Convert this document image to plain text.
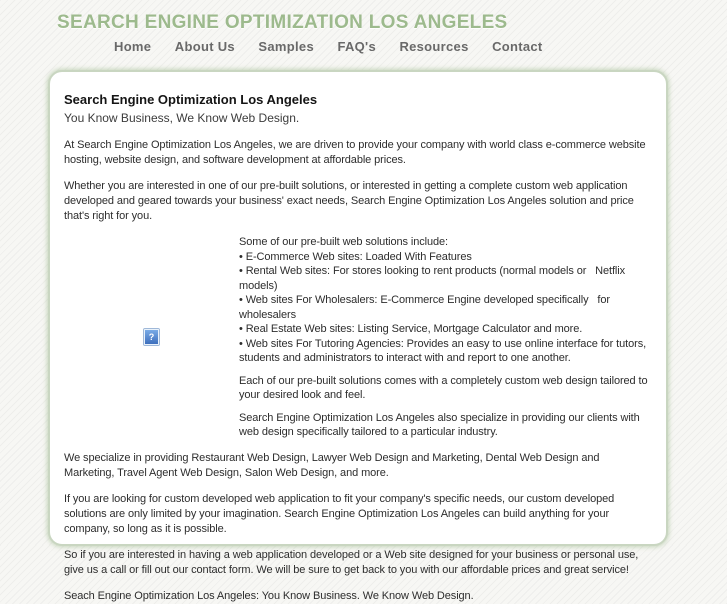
SEARCH ENGINE OPTIMIZATION LOS ANGELES
Home About Us Samples FAQ's Resources Contact
Search Engine Optimization Los Angeles
You Know Business, We Know Web Design.

At Search Engine Optimization Los Angeles, we are driven to provide your company with world class e-commerce website hosting, website design, and software development at affordable prices.

Whether you are interested in one of our pre-built solutions, or interested in getting a complete custom web application developed and geared towards your business' exact needs, Search Engine Optimization Los Angeles solution and price that's right for you.

?
Some of our pre-built web solutions include:
• E-Commerce Web sites: Loaded With Features
• Rental Web sites: For stores looking to rent products (normal models or   Netflix models)
• Web sites For Wholesalers: E-Commerce Engine developed specifically   for wholesalers
• Real Estate Web sites: Listing Service, Mortgage Calculator and more.
• Web sites For Tutoring Agencies: Provides an easy to use online interface for tutors, students and administrators to interact with and report to one another.

Each of our pre-built solutions comes with a completely custom web design tailored to your desired look and feel.

Search Engine Optimization Los Angeles also specialize in providing our clients with web design specifically tailored to a particular industry.

We specialize in providing Restaurant Web Design, Lawyer Web Design and Marketing, Dental Web Design and Marketing, Travel Agent Web Design, Salon Web Design, and more.

If you are looking for custom developed web application to fit your company's specific needs, our custom developed solutions are only limited by your imagination. Search Engine Optimization Los Angeles can build anything for your company, so long as it is possible.

So if you are interested in having a web application developed or a Web site designed for your business or personal use, give us a call or fill out our contact form. We will be sure to get back to you with our affordable prices and great service!

Seach Engine Optimization Los Angeles: You Know Business. We Know Web Design.
